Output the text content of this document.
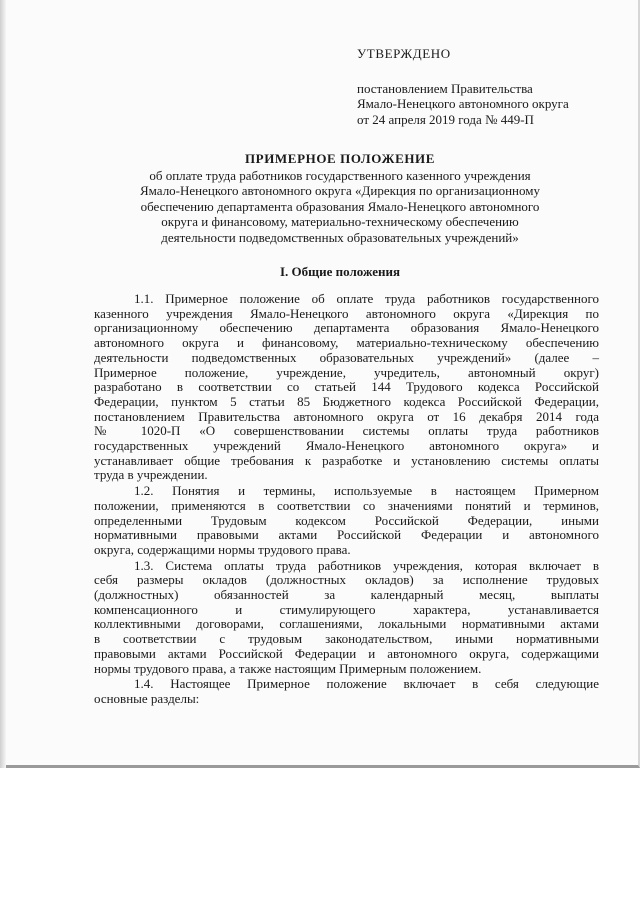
УТВЕРЖДЕНО
постановлением Правительства
Ямало-Ненецкого автономного округа
от 24 апреля 2019 года № 449-П
ПРИМЕРНОЕ ПОЛОЖЕНИЕ
об оплате труда работников государственного казенного учреждения
Ямало-Ненецкого автономного округа «Дирекция по организационному
обеспечению департамента образования Ямало-Ненецкого автономного
округа и финансовому, материально-техническому обеспечению
деятельности подведомственных образовательных учреждений»
I. Общие положения
1.1. Примерное положение об оплате труда работников государственного
казенного учреждения Ямало-Ненецкого автономного округа «Дирекция по
организационному обеспечению департамента образования Ямало-Ненецкого
автономного округа и финансовому, материально-техническому обеспечению
деятельности подведомственных образовательных учреждений» (далее –
Примерное положение, учреждение, учредитель, автономный округ)
разработано в соответствии со статьей 144 Трудового кодекса Российской
Федерации, пунктом 5 статьи 85 Бюджетного кодекса Российской Федерации,
постановлением Правительства автономного округа от 16 декабря 2014 года
№ 1020-П «О совершенствовании системы оплаты труда работников
государственных учреждений Ямало-Ненецкого автономного округа» и
устанавливает общие требования к разработке и установлению системы оплаты
труда в учреждении.
1.2. Понятия и термины, используемые в настоящем Примерном
положении, применяются в соответствии со значениями понятий и терминов,
определенными Трудовым кодексом Российской Федерации, иными
нормативными правовыми актами Российской Федерации и автономного
округа, содержащими нормы трудового права.
1.3. Система оплаты труда работников учреждения, которая включает в
себя размеры окладов (должностных окладов) за исполнение трудовых
(должностных) обязанностей за календарный месяц, выплаты
компенсационного и стимулирующего характера, устанавливается
коллективными договорами, соглашениями, локальными нормативными актами
в соответствии с трудовым законодательством, иными нормативными
правовыми актами Российской Федерации и автономного округа, содержащими
нормы трудового права, а также настоящим Примерным положением.
1.4. Настоящее Примерное положение включает в себя следующие
основные разделы:
